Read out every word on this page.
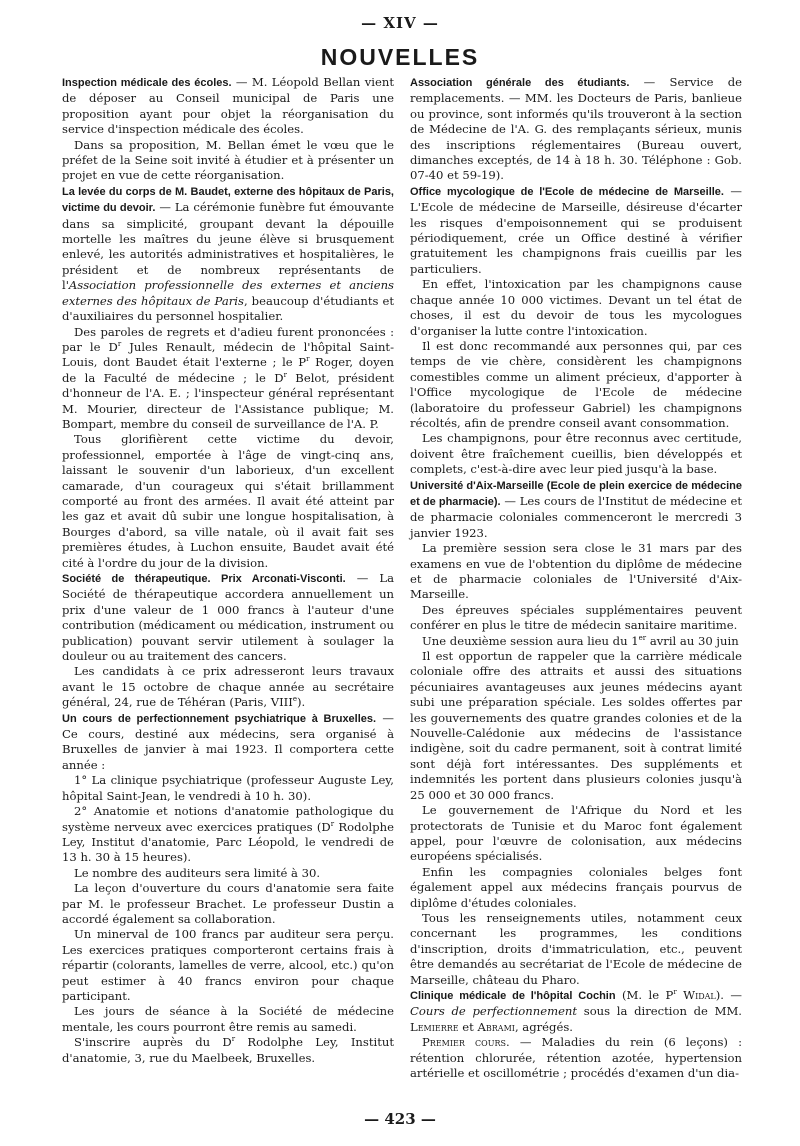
— XIV —
NOUVELLES

Inspection médicale des écoles. — M. Léopold Bellan vient de déposer au Conseil municipal de Paris une proposition ayant pour objet la réorganisation du service d'inspection médicale des écoles.

Dans sa proposition, M. Bellan émet le vœu que le préfet de la Seine soit invité à étudier et à présenter un projet en vue de cette réorganisation.

La levée du corps de M. Baudet, externe des hôpitaux de Paris, victime du devoir. — La cérémonie funèbre fut émouvante dans sa simplicité, groupant devant la dépouille mortelle les maîtres du jeune élève si brusquement enlevé, les autorités administratives et hospitalières, le président et de nombreux représentants de l'Association professionnelle des externes et anciens externes des hôpitaux de Paris, beaucoup d'étudiants et d'auxiliaires du personnel hospitalier.

Des paroles de regrets et d'adieu furent prononcées : par le $D^r$ Jules Renault, médecin de l'hôpital Saint-Louis, dont Baudet était l'externe ; le $P^r$ Roger, doyen de la Faculté de médecine ; le $D^r$ Belot, président d'honneur de l'A. E. ; l'inspecteur général représentant M. Mourier, directeur de l'Assistance publique; M. Bompart, membre du conseil de surveillance de l'A. P.

Tous glorifièrent cette victime du devoir, professionnel, emportée à l'âge de vingt-cinq ans, laissant le souvenir d'un laborieux, d'un excellent camarade, d'un courageux qui s'était brillamment comporté au front des armées. Il avait été atteint par les gaz et avait dû subir une longue hospitalisation, à Bourges d'abord, sa ville natale, où il avait fait ses premières études, à Luchon ensuite, Baudet avait été cité à l'ordre du jour de la division.

Société de thérapeutique. Prix Arconati-Visconti. — La Société de thérapeutique accordera annuellement un prix d'une valeur de 1 000 francs à l'auteur d'une contribution (médicament ou médication, instrument ou publication) pouvant servir utilement à soulager la douleur ou au traitement des cancers.

Les candidats à ce prix adresseront leurs travaux avant le 15 octobre de chaque année au secrétaire général, 24, rue de Téhéran (Paris, VIIIe).

Un cours de perfectionnement psychiatrique à Bruxelles. — Ce cours, destiné aux médecins, sera organisé à Bruxelles de janvier à mai 1923. Il comportera cette année :

1° La clinique psychiatrique (professeur Auguste Ley, hôpital Saint-Jean, le vendredi à 10 h. 30).

2° Anatomie et notions d'anatomie pathologique du système nerveux avec exercices pratiques ($D^r$ Rodolphe Ley, Institut d'anatomie, Parc Léopold, le vendredi de 13 h. 30 à 15 heures).

Le nombre des auditeurs sera limité à 30.

La leçon d'ouverture du cours d'anatomie sera faite par M. le professeur Brachet. Le professeur Dustin a accordé également sa collaboration.

Un minerval de 100 francs par auditeur sera perçu. Les exercices pratiques comporteront certains frais à répartir (colorants, lamelles de verre, alcool, etc.) qu'on peut estimer à 40 francs environ pour chaque participant.

Les jours de séance à la Société de médecine mentale, les cours pourront être remis au samedi.

S'inscrire auprès du $D^r$ Rodolphe Ley, Institut d'anatomie, 3, rue du Maelbeek, Bruxelles.

Association générale des étudiants. — Service de remplacements. — MM. les Docteurs de Paris, banlieue ou province, sont informés qu'ils trouveront à la section de Médecine de l'A. G. des remplaçants sérieux, munis des inscriptions réglementaires (Bureau ouvert, dimanches exceptés, de 14 à 18 h. 30. Téléphone : Gob. 07-40 et 59-19).

Office mycologique de l'Ecole de médecine de Marseille. — L'Ecole de médecine de Marseille, désireuse d'écarter les risques d'empoisonnement qui se produisent périodiquement, crée un Office destiné à vérifier gratuitement les champignons frais cueillis par les particuliers.

En effet, l'intoxication par les champignons cause chaque année 10 000 victimes. Devant un tel état de choses, il est du devoir de tous les mycologues d'organiser la lutte contre l'intoxication.

Il est donc recommandé aux personnes qui, par ces temps de vie chère, considèrent les champignons comestibles comme un aliment précieux, d'apporter à l'Office mycologique de l'Ecole de médecine (laboratoire du professeur Gabriel) les champignons récoltés, afin de prendre conseil avant consommation.

Les champignons, pour être reconnus avec certitude, doivent être fraîchement cueillis, bien développés et complets, c'est-à-dire avec leur pied jusqu'à la base.

Université d'Aix-Marseille (Ecole de plein exercice de médecine et de pharmacie). — Les cours de l'Institut de médecine et de pharmacie coloniales commenceront le mercredi 3 janvier 1923.

La première session sera close le 31 mars par des examens en vue de l'obtention du diplôme de médecine et de pharmacie coloniales de l'Université d'Aix-Marseille.

Des épreuves spéciales supplémentaires peuvent conférer en plus le titre de médecin sanitaire maritime.

Une deuxième session aura lieu du 1er avril au 30 juin

Il est opportun de rappeler que la carrière médicale coloniale offre des attraits et aussi des situations pécuniaires avantageuses aux jeunes médecins ayant subi une préparation spéciale. Les soldes offertes par les gouvernements des quatre grandes colonies et de la Nouvelle-Calédonie aux médecins de l'assistance indigène, soit du cadre permanent, soit à contrat limité sont déjà fort intéressantes. Des suppléments et indemnités les portent dans plusieurs colonies jusqu'à 25 000 et 30 000 francs.

Le gouvernement de l'Afrique du Nord et les protectorats de Tunisie et du Maroc font également appel, pour l'œuvre de colonisation, aux médecins européens spécialisés.

Enfin les compagnies coloniales belges font également appel aux médecins français pourvus de diplôme d'études coloniales.

Tous les renseignements utiles, notamment ceux concernant les programmes, les conditions d'inscription, droits d'immatriculation, etc., peuvent être demandés au secrétariat de l'Ecole de médecine de Marseille, château du Pharo.

Clinique médicale de l'hôpital Cochin (M. le $P^r$ Widal). — Cours de perfectionnement sous la direction de MM. Lemierre et Abrami, agrégés.

Premier cours. — Maladies du rein (6 leçons) : rétention chlorurée, rétention azotée, hypertension artérielle et oscillométrie ; procédés d'examen d'un dia-

— 423 —
